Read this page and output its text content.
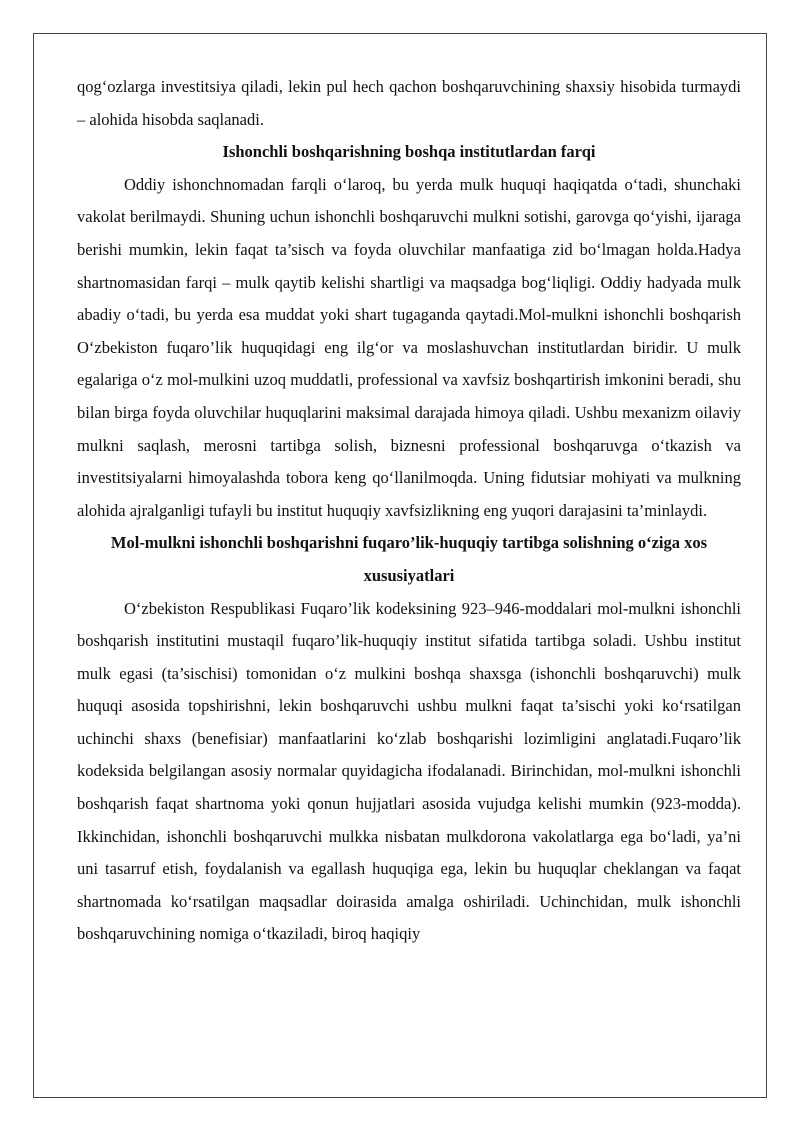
qog‘ozlarga investitsiya qiladi, lekin pul hech qachon boshqaruvchining shaxsiy hisobida turmaydi – alohida hisobda saqlanadi.

Ishonchli boshqarishning boshqa institutlardan farqi

Oddiy ishonchnomadan farqli o‘laroq, bu yerda mulk huquqi haqiqatda o‘tadi, shunchaki vakolat berilmaydi. Shuning uchun ishonchli boshqaruvchi mulkni sotishi, garovga qo‘yishi, ijaraga berishi mumkin, lekin faqat ta’sisch va foyda oluvchilar manfaatiga zid bo‘lmagan holda.Hadya shartnomasidan farqi – mulk qaytib kelishi shartligi va maqsadga bog‘liqligi. Oddiy hadyada mulk abadiy o‘tadi, bu yerda esa muddat yoki shart tugaganda qaytadi.Mol-mulkni ishonchli boshqarish O‘zbekiston fuqaro’lik huquqidagi eng ilg‘or va moslashuvchan institutlardan biridir. U mulk egalariga o‘z mol-mulkini uzoq muddatli, professional va xavfsiz boshqartirish imkonini beradi, shu bilan birga foyda oluvchilar huquqlarini maksimal darajada himoya qiladi. Ushbu mexanizm oilaviy mulkni saqlash, merosni tartibga solish, biznesni professional boshqaruvga o‘tkazish va investitsiyalarni himoyalashda tobora keng qo‘llanilmoqda. Uning fidutsiar mohiyati va mulkning alohida ajralganligi tufayli bu institut huquqiy xavfsizlikning eng yuqori darajasini ta’minlaydi.

Mol-mulkni ishonchli boshqarishni fuqaro’lik-huquqiy tartibga solishning o‘ziga xos xususiyatlari

O‘zbekiston Respublikasi Fuqaro’lik kodeksining 923–946-moddalari mol-mulkni ishonchli boshqarish institutini mustaqil fuqaro’lik-huquqiy institut sifatida tartibga soladi. Ushbu institut mulk egasi (ta’sischisi) tomonidan o‘z mulkini boshqa shaxsga (ishonchli boshqaruvchi) mulk huquqi asosida topshirishni, lekin boshqaruvchi ushbu mulkni faqat ta’sischi yoki ko‘rsatilgan uchinchi shaxs (benefisiar) manfaatlarini ko‘zlab boshqarishi lozimligini anglatadi.Fuqaro’lik kodeksida belgilangan asosiy normalar quyidagicha ifodalanadi. Birinchidan, mol-mulkni ishonchli boshqarish faqat shartnoma yoki qonun hujjatlari asosida vujudga kelishi mumkin (923-modda). Ikkinchidan, ishonchli boshqaruvchi mulkka nisbatan mulkdorona vakolatlarga ega bo‘ladi, ya’ni uni tasarruf etish, foydalanish va egallash huquqiga ega, lekin bu huquqlar cheklangan va faqat shartnomada ko‘rsatilgan maqsadlar doirasida amalga oshiriladi. Uchinchidan, mulk ishonchli boshqaruvchining nomiga o‘tkaziladi, biroq haqiqiy
